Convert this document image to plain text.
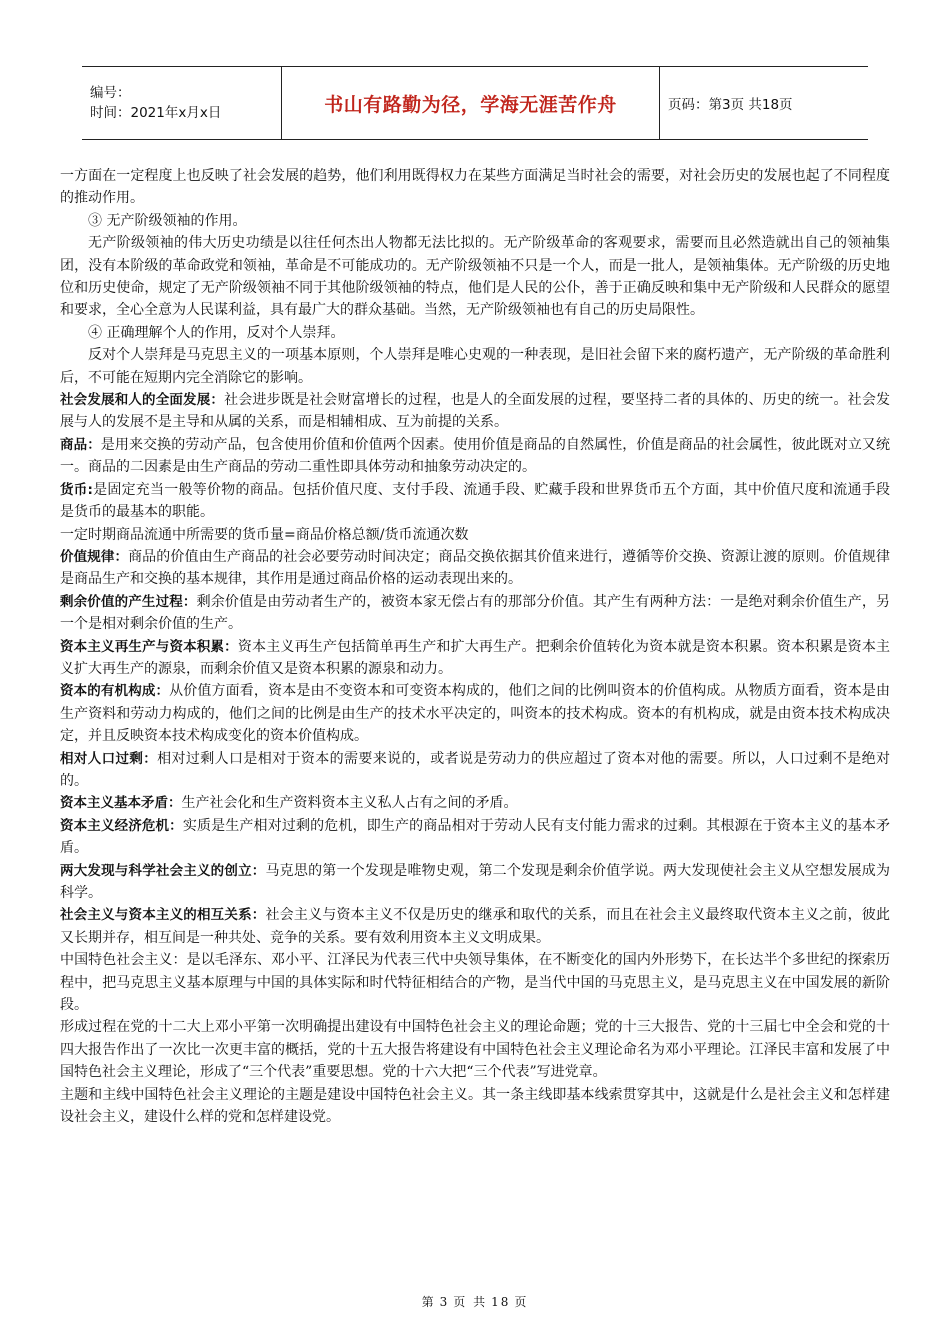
编号：
时间：2021年x月x日	书山有路勤为径，学海无涯苦作舟	页码：第3页 共18页

一方面在一定程度上也反映了社会发展的趋势，他们利用既得权力在某些方面满足当时社会的需要，对社会历史的发展也起了不同程度的推动作用。

③ 无产阶级领袖的作用。

无产阶级领袖的伟大历史功绩是以往任何杰出人物都无法比拟的。无产阶级革命的客观要求，需要而且必然造就出自己的领袖集团，没有本阶级的革命政党和领袖，革命是不可能成功的。无产阶级领袖不只是一个人，而是一批人，是领袖集体。无产阶级的历史地位和历史使命，规定了无产阶级领袖不同于其他阶级领袖的特点，他们是人民的公仆，善于正确反映和集中无产阶级和人民群众的愿望和要求，全心全意为人民谋利益，具有最广大的群众基础。当然，无产阶级领袖也有自己的历史局限性。

④ 正确理解个人的作用，反对个人崇拜。

反对个人崇拜是马克思主义的一项基本原则，个人崇拜是唯心史观的一种表现，是旧社会留下来的腐朽遗产，无产阶级的革命胜利后，不可能在短期内完全消除它的影响。

社会发展和人的全面发展：社会进步既是社会财富增长的过程，也是人的全面发展的过程，要坚持二者的具体的、历史的统一。社会发展与人的发展不是主导和从属的关系，而是相辅相成、互为前提的关系。

商品：是用来交换的劳动产品，包含使用价值和价值两个因素。使用价值是商品的自然属性，价值是商品的社会属性，彼此既对立又统一。商品的二因素是由生产商品的劳动二重性即具体劳动和抽象劳动决定的。

货币:是固定充当一般等价物的商品。包括价值尺度、支付手段、流通手段、贮藏手段和世界货币五个方面，其中价值尺度和流通手段是货币的最基本的职能。

一定时期商品流通中所需要的货币量=商品价格总额/货币流通次数

价值规律：商品的价值由生产商品的社会必要劳动时间决定；商品交换依据其价值来进行，遵循等价交换、资源让渡的原则。价值规律是商品生产和交换的基本规律，其作用是通过商品价格的运动表现出来的。

剩余价值的产生过程：剩余价值是由劳动者生产的，被资本家无偿占有的那部分价值。其产生有两种方法：一是绝对剩余价值生产，另一个是相对剩余价值的生产。

资本主义再生产与资本积累：资本主义再生产包括简单再生产和扩大再生产。把剩余价值转化为资本就是资本积累。资本积累是资本主义扩大再生产的源泉，而剩余价值又是资本积累的源泉和动力。

资本的有机构成：从价值方面看，资本是由不变资本和可变资本构成的，他们之间的比例叫资本的价值构成。从物质方面看，资本是由生产资料和劳动力构成的，他们之间的比例是由生产的技术水平决定的，叫资本的技术构成。资本的有机构成，就是由资本技术构成决定，并且反映资本技术构成变化的资本价值构成。

相对人口过剩：相对过剩人口是相对于资本的需要来说的，或者说是劳动力的供应超过了资本对他的需要。所以，人口过剩不是绝对的。

资本主义基本矛盾：生产社会化和生产资料资本主义私人占有之间的矛盾。

资本主义经济危机：实质是生产相对过剩的危机，即生产的商品相对于劳动人民有支付能力需求的过剩。其根源在于资本主义的基本矛盾。

两大发现与科学社会主义的创立：马克思的第一个发现是唯物史观，第二个发现是剩余价值学说。两大发现使社会主义从空想发展成为科学。

社会主义与资本主义的相互关系：社会主义与资本主义不仅是历史的继承和取代的关系，而且在社会主义最终取代资本主义之前，彼此又长期并存，相互间是一种共处、竞争的关系。要有效利用资本主义文明成果。

中国特色社会主义：是以毛泽东、邓小平、江泽民为代表三代中央领导集体，在不断变化的国内外形势下，在长达半个多世纪的探索历程中，把马克思主义基本原理与中国的具体实际和时代特征相结合的产物，是当代中国的马克思主义，是马克思主义在中国发展的新阶段。

形成过程在党的十二大上邓小平第一次明确提出建设有中国特色社会主义的理论命题；党的十三大报告、党的十三届七中全会和党的十四大报告作出了一次比一次更丰富的概括，党的十五大报告将建设有中国特色社会主义理论命名为邓小平理论。江泽民丰富和发展了中国特色社会主义理论，形成了“三个代表”重要思想。党的十六大把“三个代表”写进党章。

主题和主线中国特色社会主义理论的主题是建设中国特色社会主义。其一条主线即基本线索贯穿其中，这就是什么是社会主义和怎样建设社会主义，建设什么样的党和怎样建设党。

第 3 页 共 18 页
